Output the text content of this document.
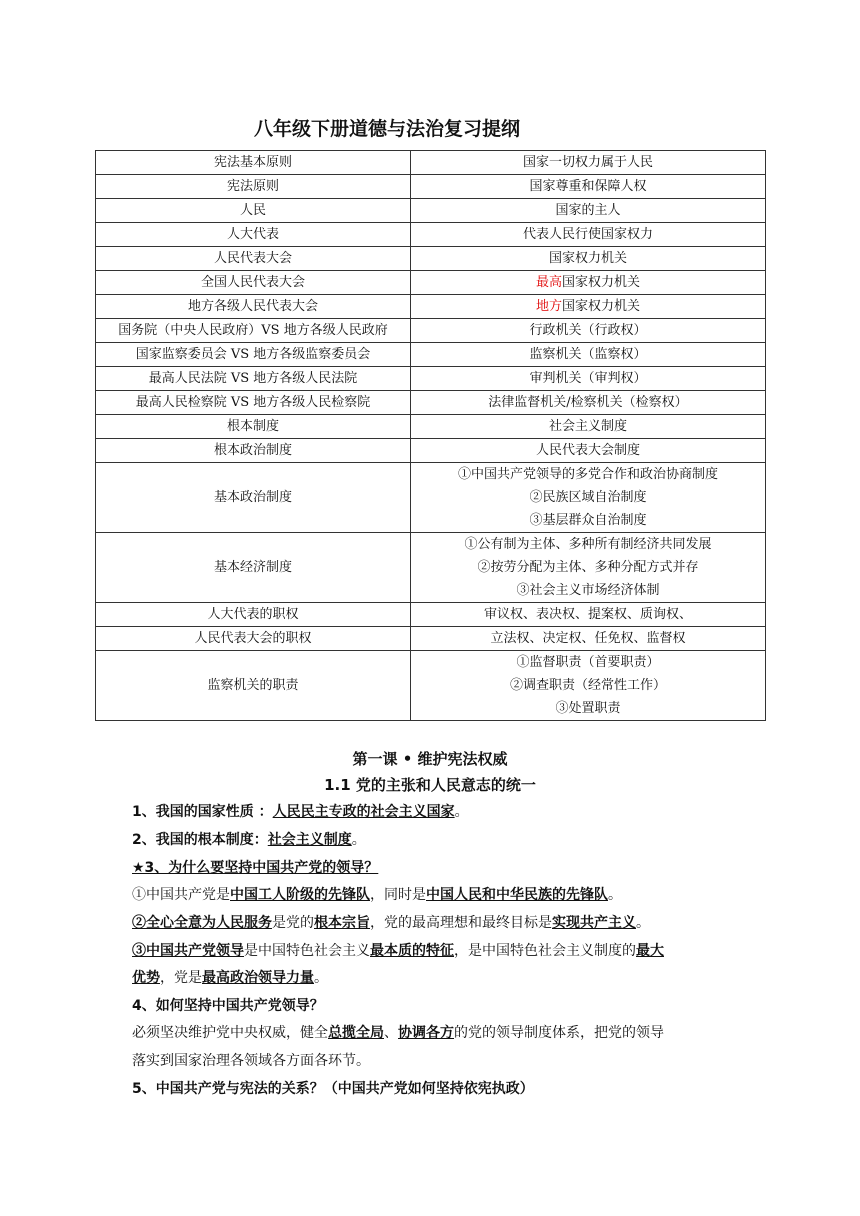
八年级下册道德与法治复习提纲
宪法基本原则	国家一切权力属于人民
宪法原则	国家尊重和保障人权
人民	国家的主人
人大代表	代表人民行使国家权力
人民代表大会	国家权力机关
全国人民代表大会	最高国家权力机关
地方各级人民代表大会	地方国家权力机关
国务院（中央人民政府）VS 地方各级人民政府	行政机关（行政权）
国家监察委员会 VS 地方各级监察委员会	监察机关（监察权）
最高人民法院 VS 地方各级人民法院	审判机关（审判权）
最高人民检察院 VS 地方各级人民检察院	法律监督机关/检察机关（检察权）
根本制度	社会主义制度
根本政治制度	人民代表大会制度
基本政治制度	①中国共产党领导的多党合作和政治协商制度
②民族区域自治制度
③基层群众自治制度

基本经济制度	①公有制为主体、多种所有制经济共同发展
②按劳分配为主体、多种分配方式并存
③社会主义市场经济体制

人大代表的职权	审议权、表决权、提案权、质询权、
人民代表大会的职权	立法权、决定权、任免权、监督权
监察机关的职责	①监督职责（首要职责）
②调查职责（经常性工作）
③处置职责
第一课 • 维护宪法权威
1.1 党的主张和人民意志的统一
1、我国的国家性质 ：人民民主专政的社会主义国家。
2、我国的根本制度：社会主义制度。
★3、为什么要坚持中国共产党的领导？
①中国共产党是中国工人阶级的先锋队，同时是中国人民和中华民族的先锋队。
②全心全意为人民服务是党的根本宗旨，党的最高理想和最终目标是实现共产主义。
③中国共产党领导是中国特色社会主义最本质的特征，是中国特色社会主义制度的最大
优势，党是最高政治领导力量。
4、如何坚持中国共产党领导？
必须坚决维护党中央权威，健全总揽全局、协调各方的党的领导制度体系，把党的领导
落实到国家治理各领域各方面各环节。
5、中国共产党与宪法的关系？（中国共产党如何坚持依宪执政）
